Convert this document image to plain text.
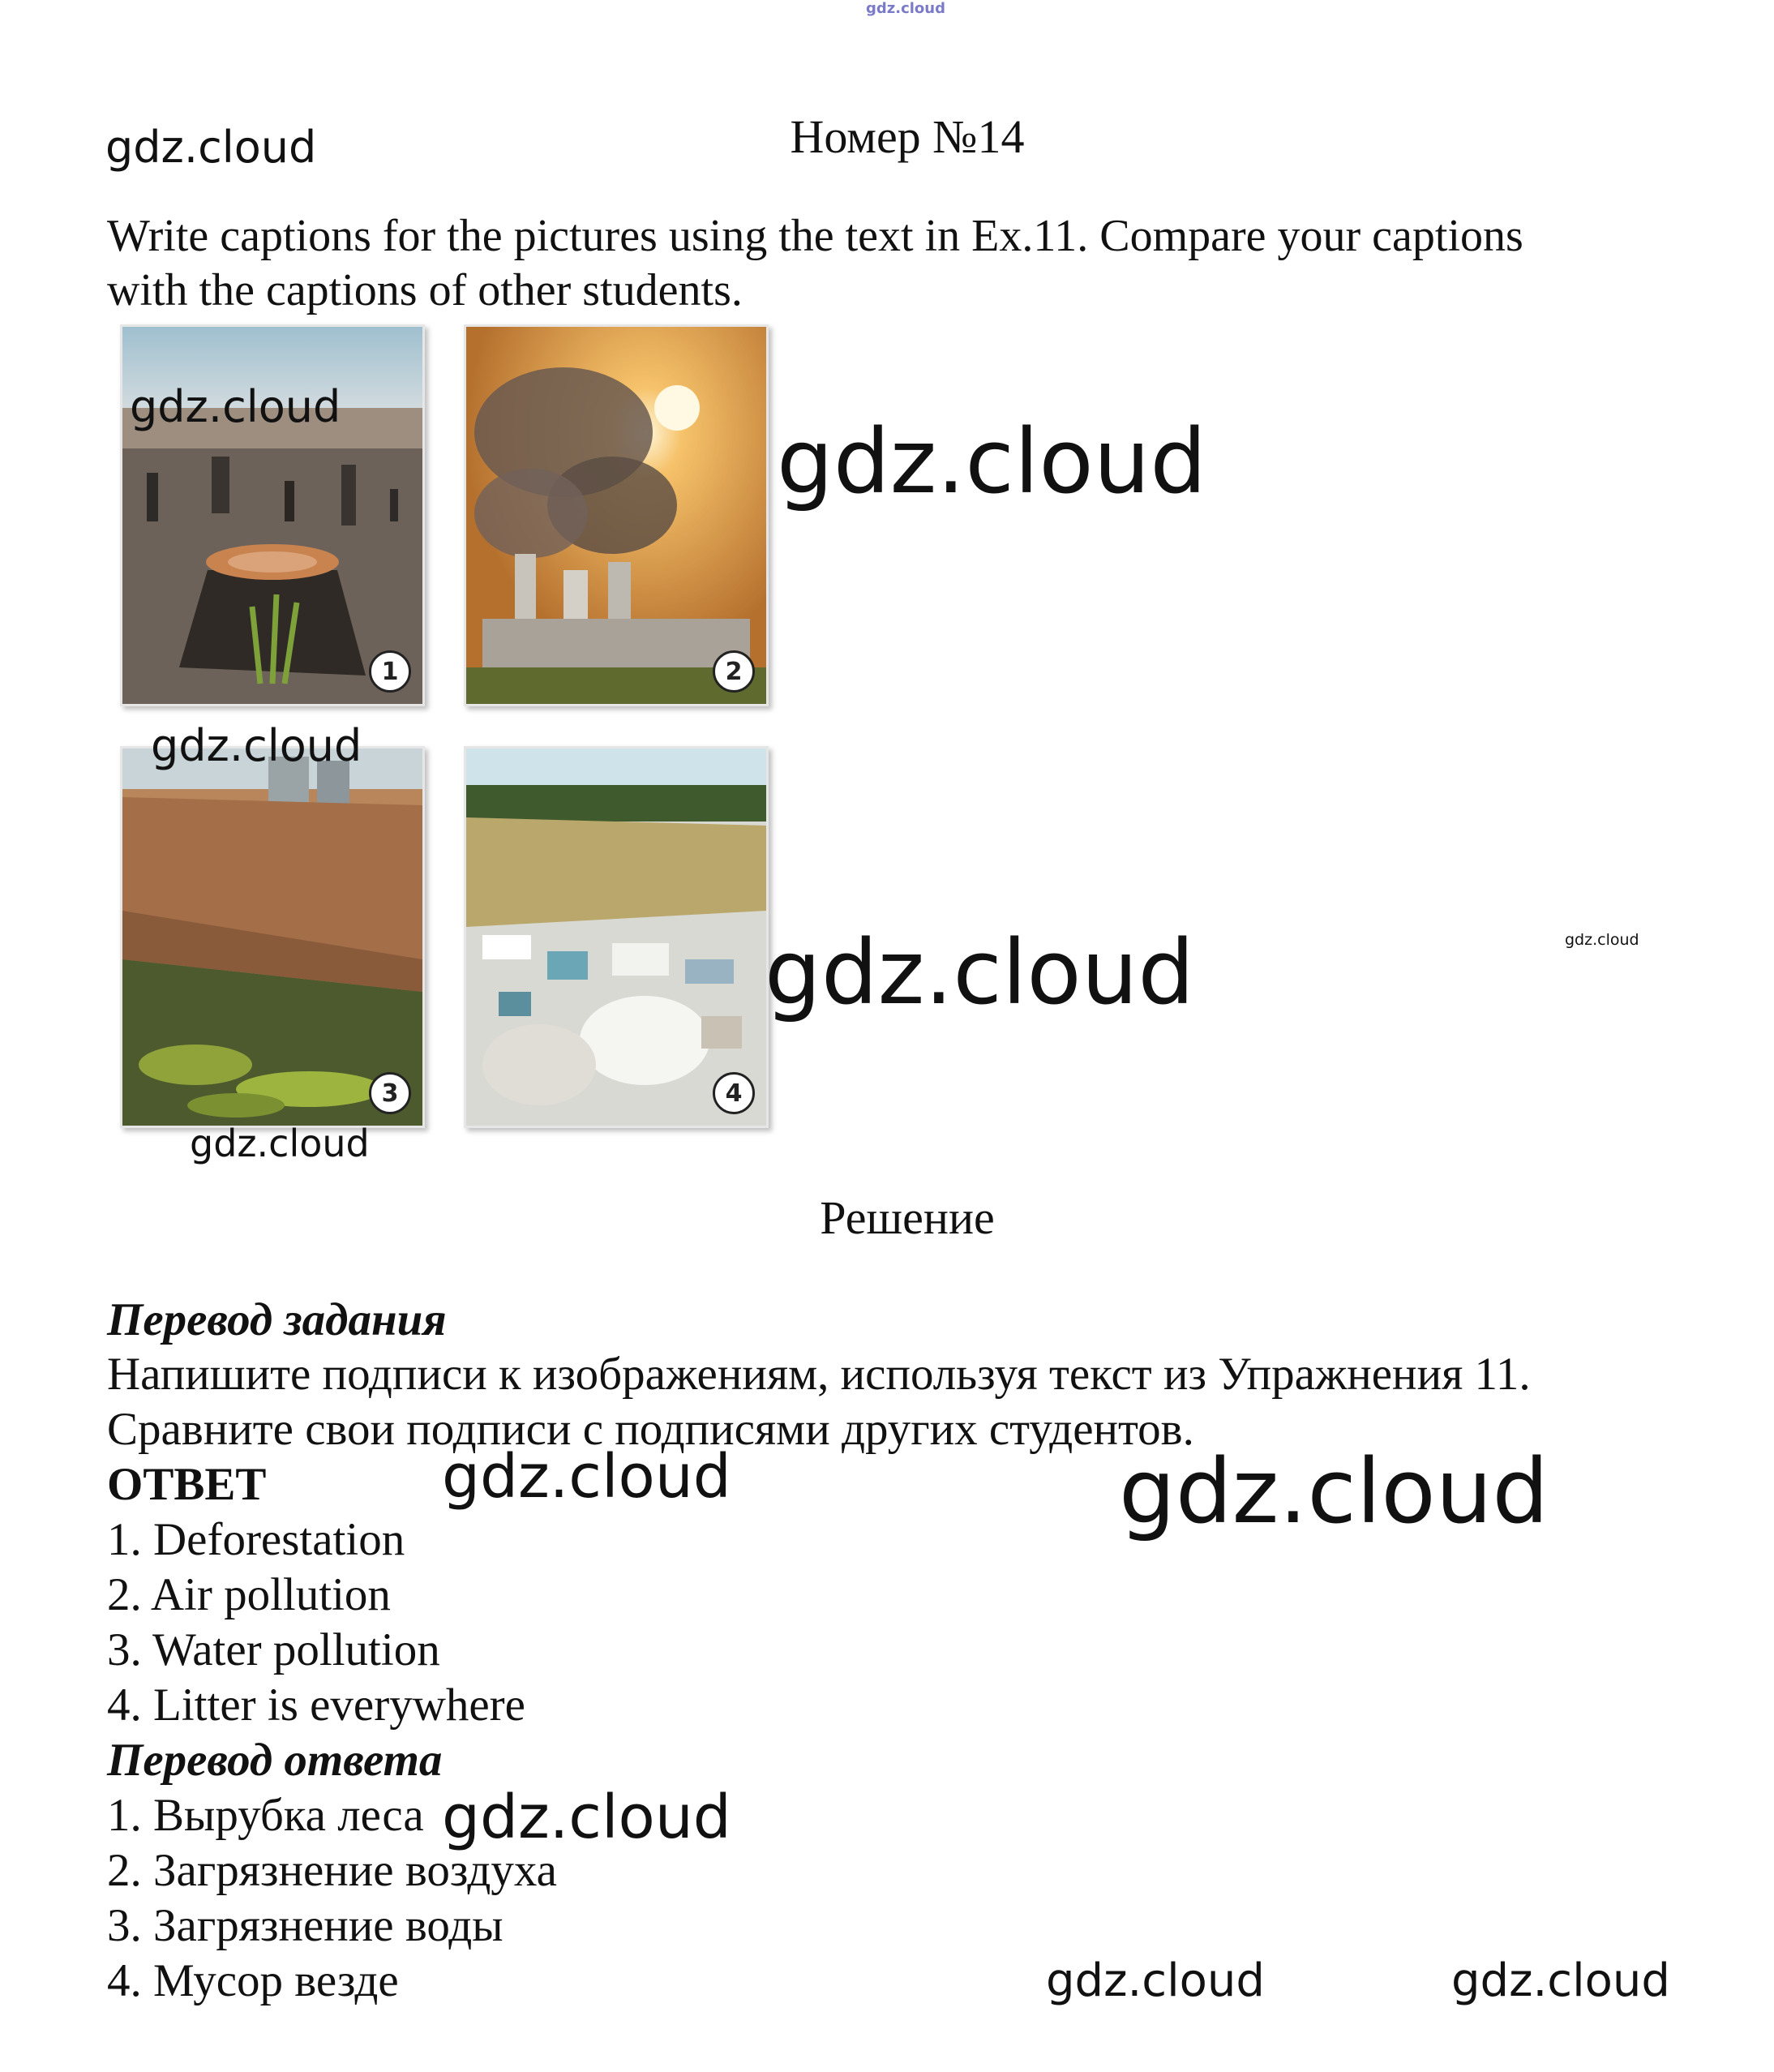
gdz.cloud
gdz.cloud	Номер №14
Write captions for the pictures using the text in Ex.11. Compare your captions
with the captions of other students.
1	2
3	4
gdz.cloud
gdz.cloud
gdz.cloud
gdz.cloud	gdz.cloud
gdz.cloud
Решение
Перевод задания
Напишите подписи к изображениям, используя текст из Упражнения 11.
Сравните свои подписи с подписями других студентов.
ОТВЕТ	gdz.cloud	gdz.cloud
1. Deforestation
2. Air pollution
3. Water pollution
4. Litter is everywhere
Перевод ответа
1. Вырубка леса
2. Загрязнение воздуха
3. Загрязнение воды
4. Мусор везде
gdz.cloud
gdz.cloud	gdz.cloud
